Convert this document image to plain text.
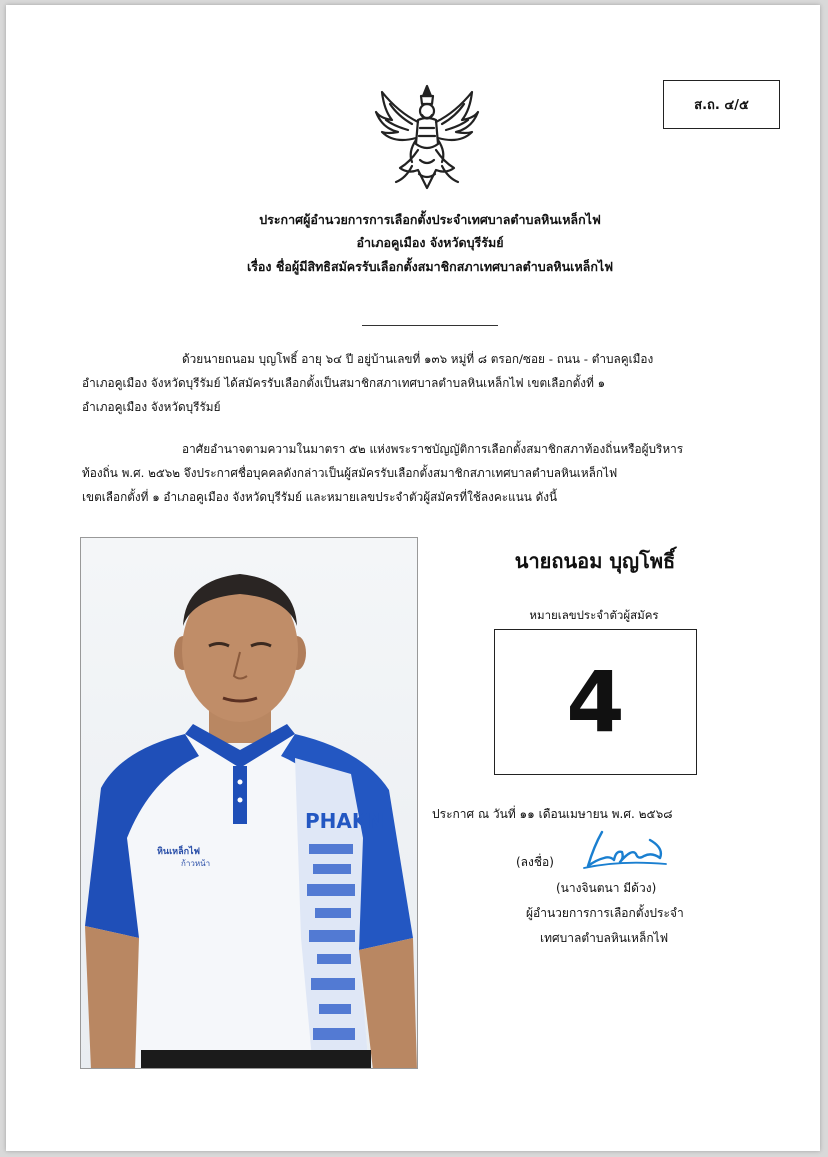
ส.ถ. ๔/๕
ประกาศผู้อำนวยการการเลือกตั้งประจำเทศบาลตำบลหินเหล็กไฟ
อำเภอคูเมือง จังหวัดบุรีรัมย์
เรื่อง ชื่อผู้มีสิทธิสมัครรับเลือกตั้งสมาชิกสภาเทศบาลตำบลหินเหล็กไฟ
ด้วยนายถนอม บุญโพธิ์ อายุ ๖๔ ปี อยู่บ้านเลขที่ ๑๓๖ หมู่ที่ ๘ ตรอก/ซอย - ถนน - ตำบลคูเมือง
อำเภอคูเมือง จังหวัดบุรีรัมย์ ได้สมัครรับเลือกตั้งเป็นสมาชิกสภาเทศบาลตำบลหินเหล็กไฟ เขตเลือกตั้งที่ ๑
อำเภอคูเมือง จังหวัดบุรีรัมย์
อาศัยอำนาจตามความในมาตรา ๕๒ แห่งพระราชบัญญัติการเลือกตั้งสมาชิกสภาท้องถิ่นหรือผู้บริหาร
ท้องถิ่น พ.ศ. ๒๕๖๒ จึงประกาศชื่อบุคคลดังกล่าวเป็นผู้สมัครรับเลือกตั้งสมาชิกสภาเทศบาลตำบลหินเหล็กไฟ
เขตเลือกตั้งที่ ๑ อำเภอคูเมือง จังหวัดบุรีรัมย์ และหมายเลขประจำตัวผู้สมัครที่ใช้ลงคะแนน ดังนี้
PHAKN
หินเหล็กไฟ
ก้าวหน้า
นายถนอม บุญโพธิ์
หมายเลขประจำตัวผู้สมัคร
4
ประกาศ ณ วันที่ ๑๑ เดือนเมษายน พ.ศ. ๒๕๖๘
(ลงชื่อ)
(นางจินตนา มีด้วง)
ผู้อำนวยการการเลือกตั้งประจำ
เทศบาลตำบลหินเหล็กไฟ
